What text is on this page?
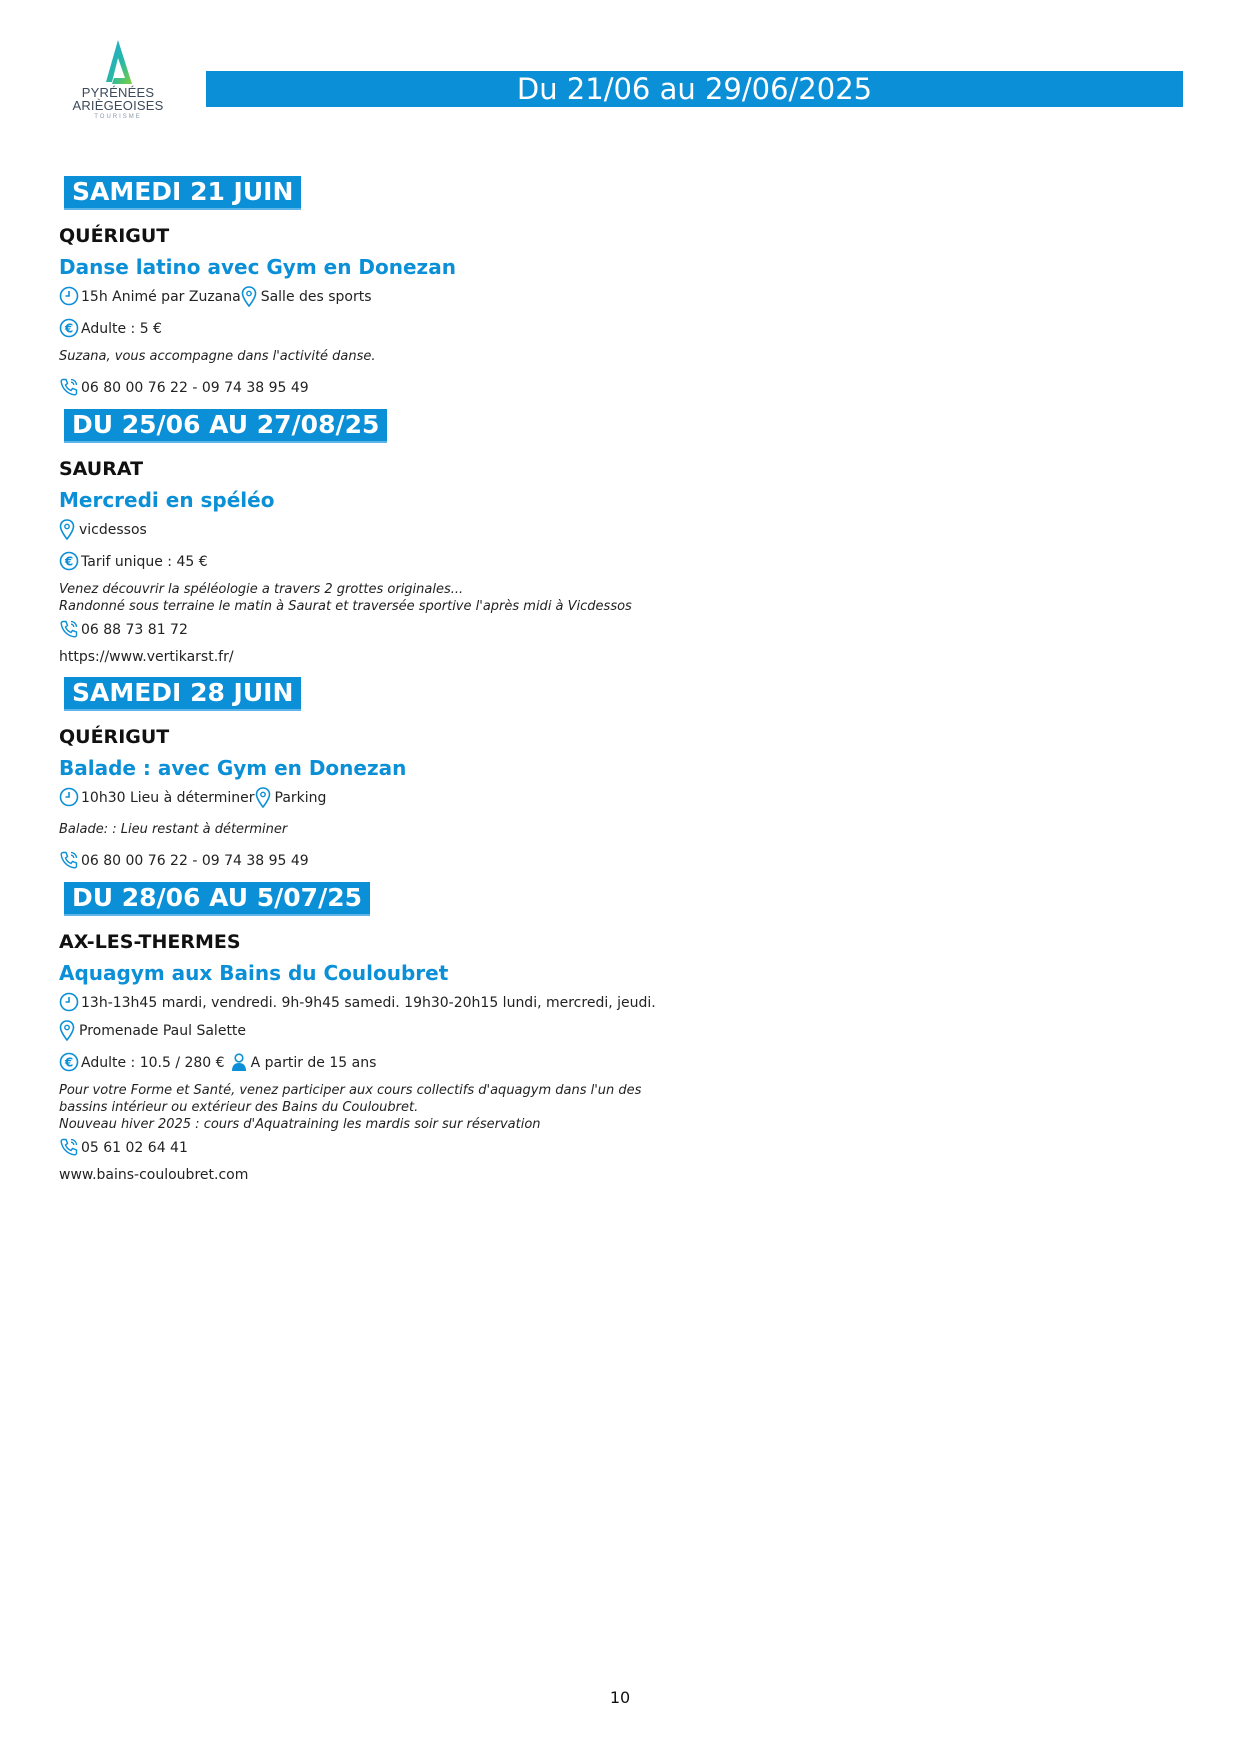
PYRÉNÉES
ARIÈGEOISES
TOURISME
Du 21/06 au 29/06/2025
SAMEDI 21 JUIN
QUÉRIGUT
Danse latino avec Gym en Donezan
15h Animé par Zuzana Salle des sports
€ Adulte : 5 €
Suzana, vous accompagne dans l'activité danse.
06 80 00 76 22 - 09 74 38 95 49
DU 25/06 AU 27/08/25
SAURAT
Mercredi en spéléo
vicdessos
€ Tarif unique : 45 €
Venez découvrir la spéléologie a travers 2 grottes originales...
Randonné sous terraine le matin à Saurat et traversée sportive l'après midi à Vicdessos
06 88 73 81 72
https://www.vertikarst.fr/
SAMEDI 28 JUIN
QUÉRIGUT
Balade : avec Gym en Donezan
10h30 Lieu à déterminer Parking
Balade: : Lieu restant à déterminer
06 80 00 76 22 - 09 74 38 95 49
DU 28/06 AU 5/07/25
AX-LES-THERMES
Aquagym aux Bains du Couloubret
13h-13h45 mardi, vendredi. 9h-9h45 samedi. 19h30-20h15 lundi, mercredi, jeudi.
Promenade Paul Salette
€ Adulte : 10.5 / 280 € A partir de 15 ans
Pour votre Forme et Santé, venez participer aux cours collectifs d'aquagym dans l'un des
bassins intérieur ou extérieur des Bains du Couloubret.
Nouveau hiver 2025 : cours d'Aquatraining les mardis soir sur réservation
05 61 02 64 41
www.bains-couloubret.com
10
